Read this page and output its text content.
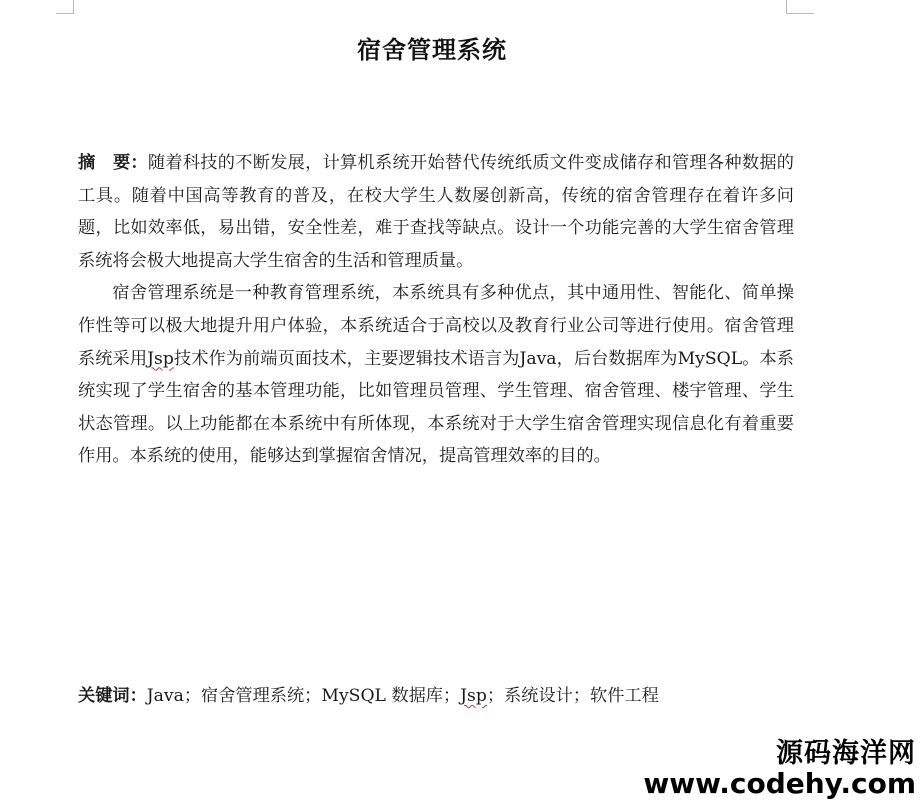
宿舍管理系统

摘　要：随着科技的不断发展，计算机系统开始替代传统纸质文件变成储存和管理各种数据的工具。随着中国高等教育的普及，在校大学生人数屡创新高，传统的宿舍管理存在着许多问题，比如效率低，易出错，安全性差，难于查找等缺点。设计一个功能完善的大学生宿舍管理系统将会极大地提高大学生宿舍的生活和管理质量。

宿舍管理系统是一种教育管理系统，本系统具有多种优点，其中通用性、智能化、简单操作性等可以极大地提升用户体验，本系统适合于高校以及教育行业公司等进行使用。宿舍管理系统采用Jsp技术作为前端页面技术，主要逻辑技术语言为Java，后台数据库为MySQL。本系统实现了学生宿舍的基本管理功能，比如管理员管理、学生管理、宿舍管理、楼宇管理、学生状态管理。以上功能都在本系统中有所体现，本系统对于大学生宿舍管理实现信息化有着重要作用。本系统的使用，能够达到掌握宿舍情况，提高管理效率的目的。

关键词：Java；宿舍管理系统；MySQL 数据库；Jsp；系统设计；软件工程
源码海洋网
www.codehy.com
